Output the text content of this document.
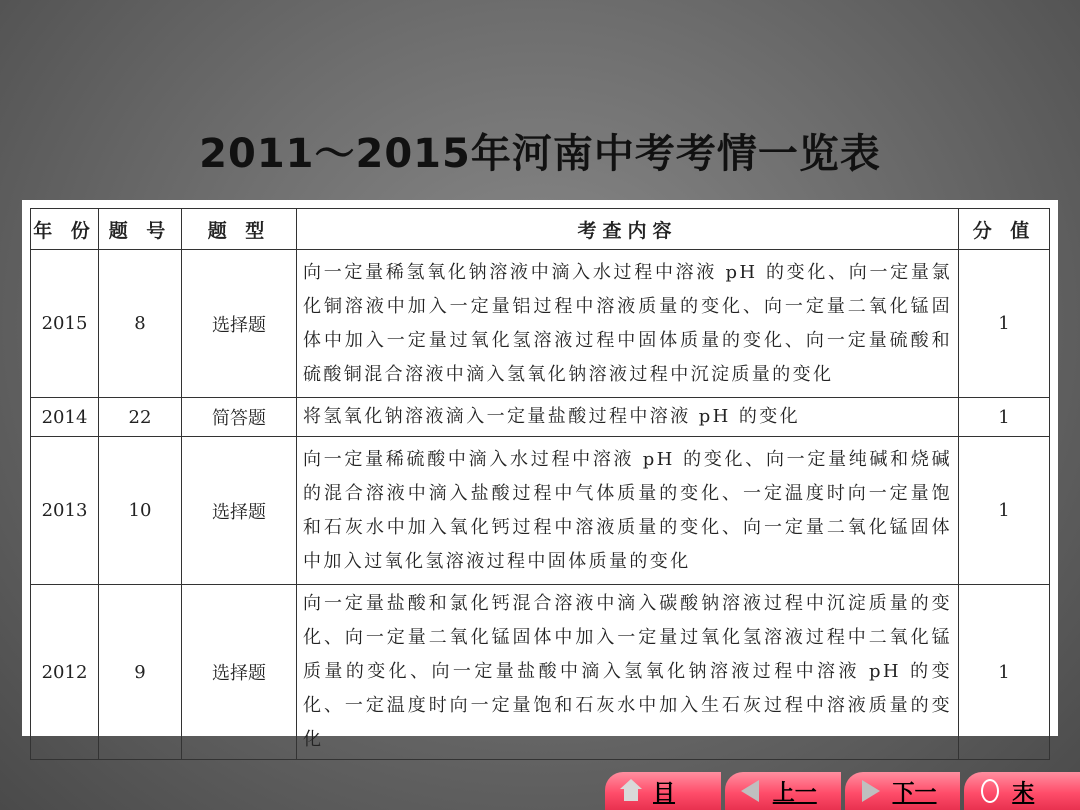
2011～2015年河南中考考情一览表
年 份	题 号	题 型	考查内容	分 值
2015	8	选择题	向一定量稀氢氧化钠溶液中滴入水过程中溶液 pH 的变化、向一定量氯化铜溶液中加入一定量铝过程中溶液质量的变化、向一定量二氧化锰固体中加入一定量过氧化氢溶液过程中固体质量的变化、向一定量硫酸和硫酸铜混合溶液中滴入氢氧化钠溶液过程中沉淀质量的变化	1
2014	22	简答题	将氢氧化钠溶液滴入一定量盐酸过程中溶液 pH 的变化	1
2013	10	选择题	向一定量稀硫酸中滴入水过程中溶液 pH 的变化、向一定量纯碱和烧碱的混合溶液中滴入盐酸过程中气体质量的变化、一定温度时向一定量饱和石灰水中加入氧化钙过程中溶液质量的变化、向一定量二氧化锰固体中加入过氧化氢溶液过程中固体质量的变化	1
2012	9	选择题	向一定量盐酸和氯化钙混合溶液中滴入碳酸钠溶液过程中沉淀质量的变化、向一定量二氧化锰固体中加入一定量过氧化氢溶液过程中二氧化锰质量的变化、向一定量盐酸中滴入氢氧化钠溶液过程中溶液 pH 的变化、一定温度时向一定量饱和石灰水中加入生石灰过程中溶液质量的变化	1
目	上一	下一	末
